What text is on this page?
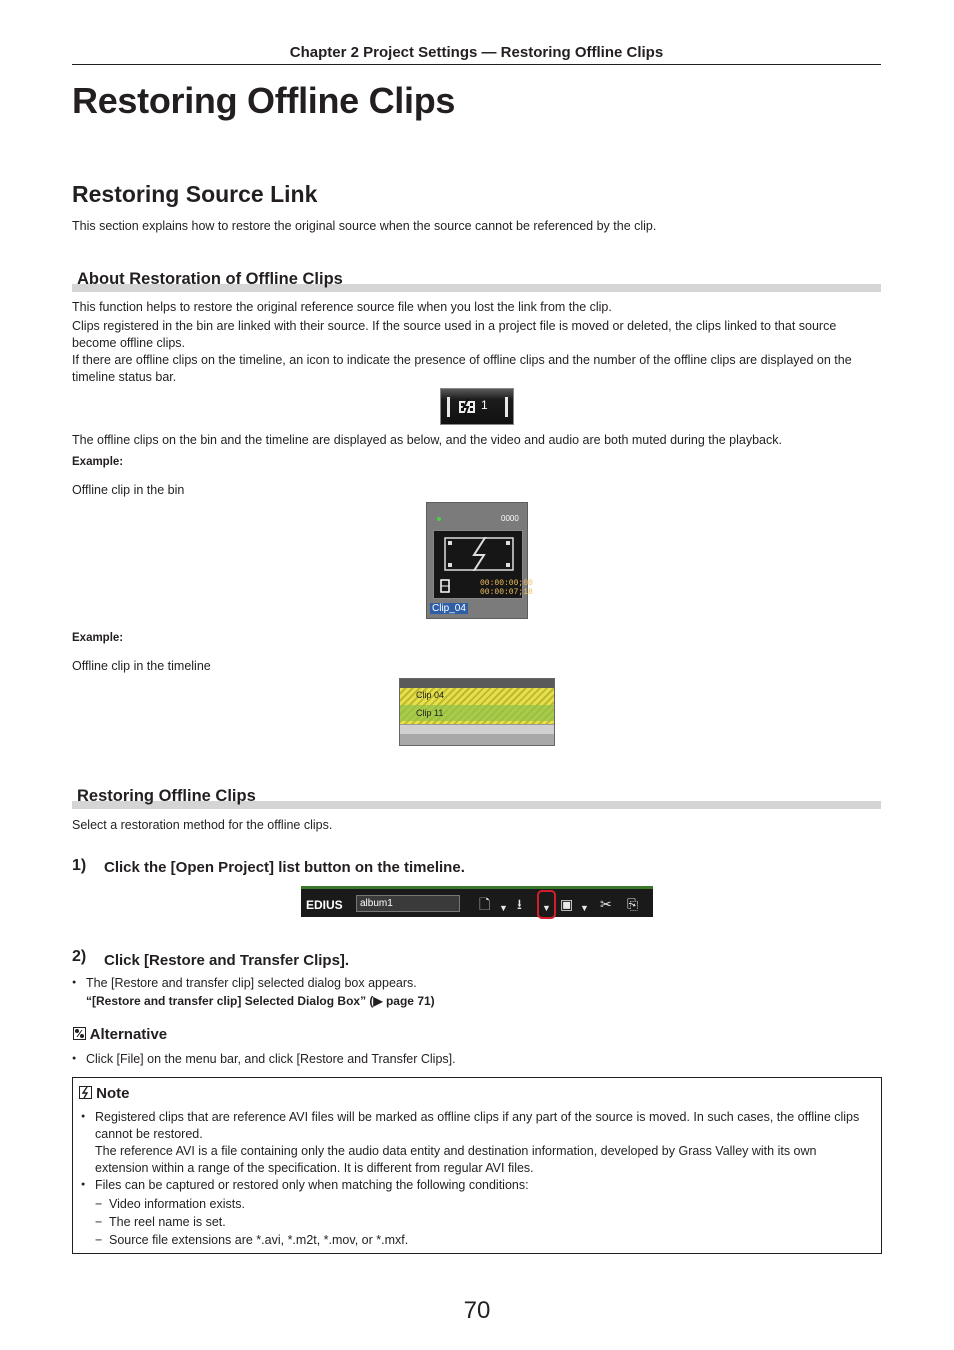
Chapter 2 Project Settings — Restoring Offline Clips
Restoring Offline Clips
Restoring Source Link
This section explains how to restore the original source when the source cannot be referenced by the clip.
About Restoration of Offline Clips
This function helps to restore the original reference source file when you lost the link from the clip.
Clips registered in the bin are linked with their source. If the source used in a project file is moved or deleted, the clips linked to that source become offline clips.
If there are offline clips on the timeline, an icon to indicate the presence of offline clips and the number of the offline clips are displayed on the timeline status bar.
1
The offline clips on the bin and the timeline are displayed as below, and the video and audio are both muted during the playback.
Example:
Offline clip in the bin
0000
00:00:00;00
00:00:07;18
Clip_04
Example:
Offline clip in the timeline
Clip 04
Clip 11
Restoring Offline Clips
Select a restoration method for the offline clips.
1) Click the [Open Project] list button on the timeline.
EDIUS	album1	🗋 ▼ ⭳ ▼ ▣ ▼ ✂ ⎘
2) Click [Restore and Transfer Clips].
● The [Restore and transfer clip] selected dialog box appears.
“[Restore and transfer clip] Selected Dialog Box” (▶ page 71)
Alternative
● Click [File] on the menu bar, and click [Restore and Transfer Clips].
Note
● Registered clips that are reference AVI files will be marked as offline clips if any part of the source is moved. In such cases, the offline clips cannot be restored.
The reference AVI is a file containing only the audio data entity and destination information, developed by Grass Valley with its own extension within a range of the specification. It is different from regular AVI files.
● Files can be captured or restored only when matching the following conditions:
− Video information exists.
− The reel name is set.
− Source file extensions are *.avi, *.m2t, *.mov, or *.mxf.
70
